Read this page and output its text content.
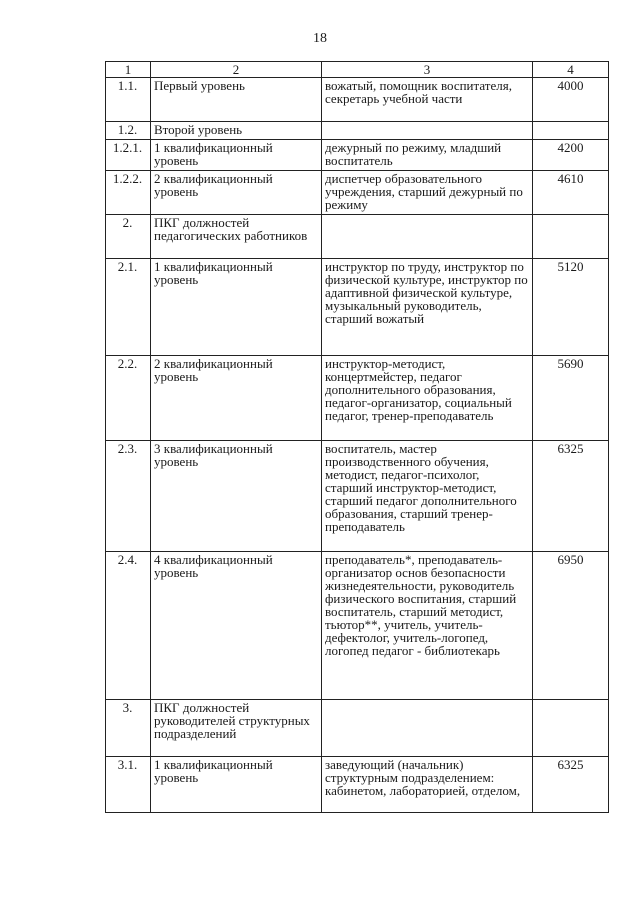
18
1	2	3	4
1.1.	Первый уровень	вожатый, помощник воспитателя, секретарь учебной части	4000
1.2.	Второй уровень		
1.2.1.	1 квалификационный уровень	дежурный по режиму, младший воспитатель	4200
1.2.2.	2 квалификационный уровень	диспетчер образовательного учреждения, старший дежурный по режиму	4610
2.	ПКГ должностей педагогических работников		
2.1.	1 квалификационный уровень	инструктор по труду, инструктор по физической культуре, инструктор по адаптивной физической культуре, музыкальный руководитель, старший вожатый	5120
2.2.	2 квалификационный уровень	инструктор-методист, концертмейстер, педагог дополнительного образования, педагог-организатор, социальный педагог, тренер-преподаватель	5690
2.3.	3 квалификационный уровень	воспитатель, мастер производственного обучения, методист, педагог-психолог, старший инструктор-методист, старший педагог дополнительного образования, старший тренер-преподаватель	6325
2.4.	4 квалификационный уровень	преподаватель*, преподаватель-организатор основ безопасности жизнедеятельности, руководитель физического воспитания, старший воспитатель, старший методист, тьютор**, учитель, учитель-дефектолог, учитель-логопед, логопед педагог - библиотекарь	6950
3.	ПКГ должностей руководителей структурных подразделений		
3.1.	1 квалификационный уровень	заведующий (начальник) структурным подразделением: кабинетом, лабораторией, отделом,	6325
